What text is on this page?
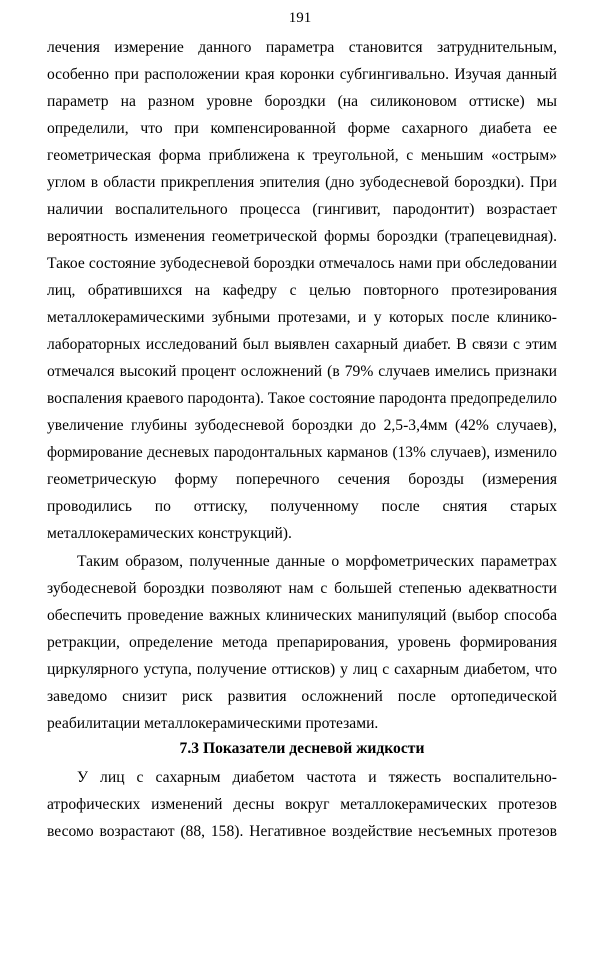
191
лечения измерение данного параметра становится затруднительным,
особенно при расположении края коронки субгингивально. Изучая данный
параметр на разном уровне бороздки (на силиконовом оттиске) мы
определили, что при компенсированной форме сахарного диабета ее
геометрическая форма приближена к треугольной, с меньшим «острым»
углом в области прикрепления эпителия (дно зубодесневой бороздки). При
наличии воспалительного процесса (гингивит, пародонтит) возрастает
вероятность изменения геометрической формы бороздки (трапецевидная).
Такое состояние зубодесневой бороздки отмечалось нами при обследовании
лиц, обратившихся на кафедру с целью повторного протезирования
металлокерамическими зубными протезами, и у которых после клинико-
лабораторных исследований был выявлен сахарный диабет. В связи с этим
отмечался высокий процент осложнений (в 79% случаев имелись признаки
воспаления краевого пародонта). Такое состояние пародонта предопределило
увеличение глубины зубодесневой бороздки до 2,5-3,4мм (42% случаев),
формирование десневых пародонтальных карманов (13% случаев), изменило
геометрическую форму поперечного сечения борозды (измерения
проводились по оттиску, полученному после снятия старых
металлокерамических конструкций).
Таким образом, полученные данные о морфометрических параметрах
зубодесневой бороздки позволяют нам с большей степенью адекватности
обеспечить проведение важных клинических манипуляций (выбор способа
ретракции, определение метода препарирования, уровень формирования
циркулярного уступа, получение оттисков) у лиц с сахарным диабетом, что
заведомо снизит риск развития осложнений после ортопедической
реабилитации металлокерамическими протезами.
7.3 Показатели десневой жидкости
У лиц с сахарным диабетом частота и тяжесть воспалительно-
атрофических изменений десны вокруг металлокерамических протезов
весомо возрастают (88, 158). Негативное воздействие несъемных протезов
